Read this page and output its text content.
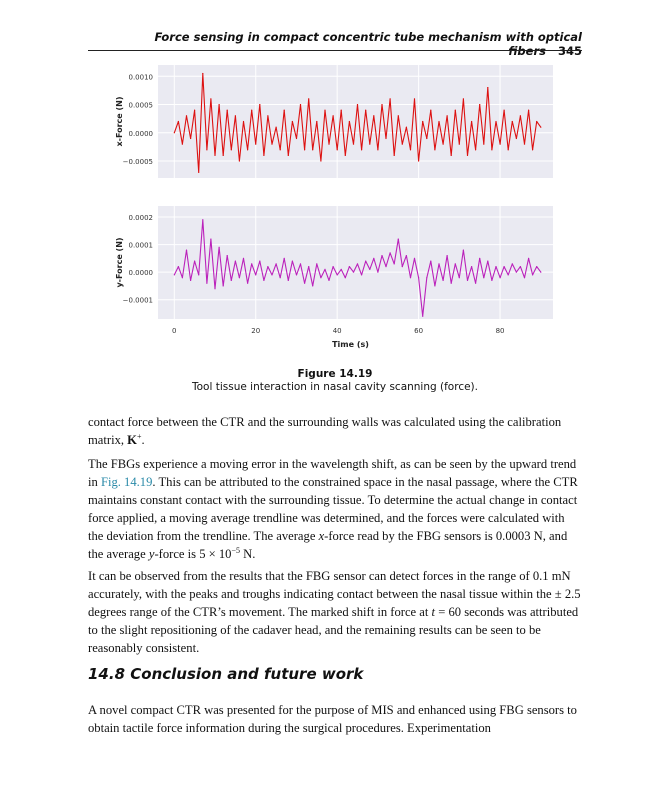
Force sensing in compact concentric tube mechanism with optical fibers 345
0.0010
0.0005
0.0000
−0.0005
x-Force (N)
0.0002
0.0001
0.0000
−0.0001
y-Force (N)
0	20	40	60	80
Time (s)
Figure 14.19
Tool tissue interaction in nasal cavity scanning (force).

contact force between the CTR and the surrounding walls was calculated using the calibration matrix, K+.

The FBGs experience a moving error in the wavelength shift, as can be seen by the upward trend in Fig. 14.19. This can be attributed to the constrained space in the nasal passage, where the CTR maintains constant contact with the surrounding tissue. To determine the actual change in contact force applied, a moving average trendline was determined, and the forces were calculated with the deviation from the trendline. The average x-force read by the FBG sensors is 0.0003 N, and the average y-force is $5 \times 10^{-5}$ N.

It can be observed from the results that the FBG sensor can detect forces in the range of 0.1 mN accurately, with the peaks and troughs indicating contact between the nasal tissue within the ± 2.5 degrees range of the CTR’s movement. The marked shift in force at t = 60 seconds was attributed to the slight repositioning of the cadaver head, and the remaining results can be seen to be reasonably consistent.

14.8 Conclusion and future work

A novel compact CTR was presented for the purpose of MIS and enhanced using FBG sensors to obtain tactile force information during the surgical procedures. Experimentation
